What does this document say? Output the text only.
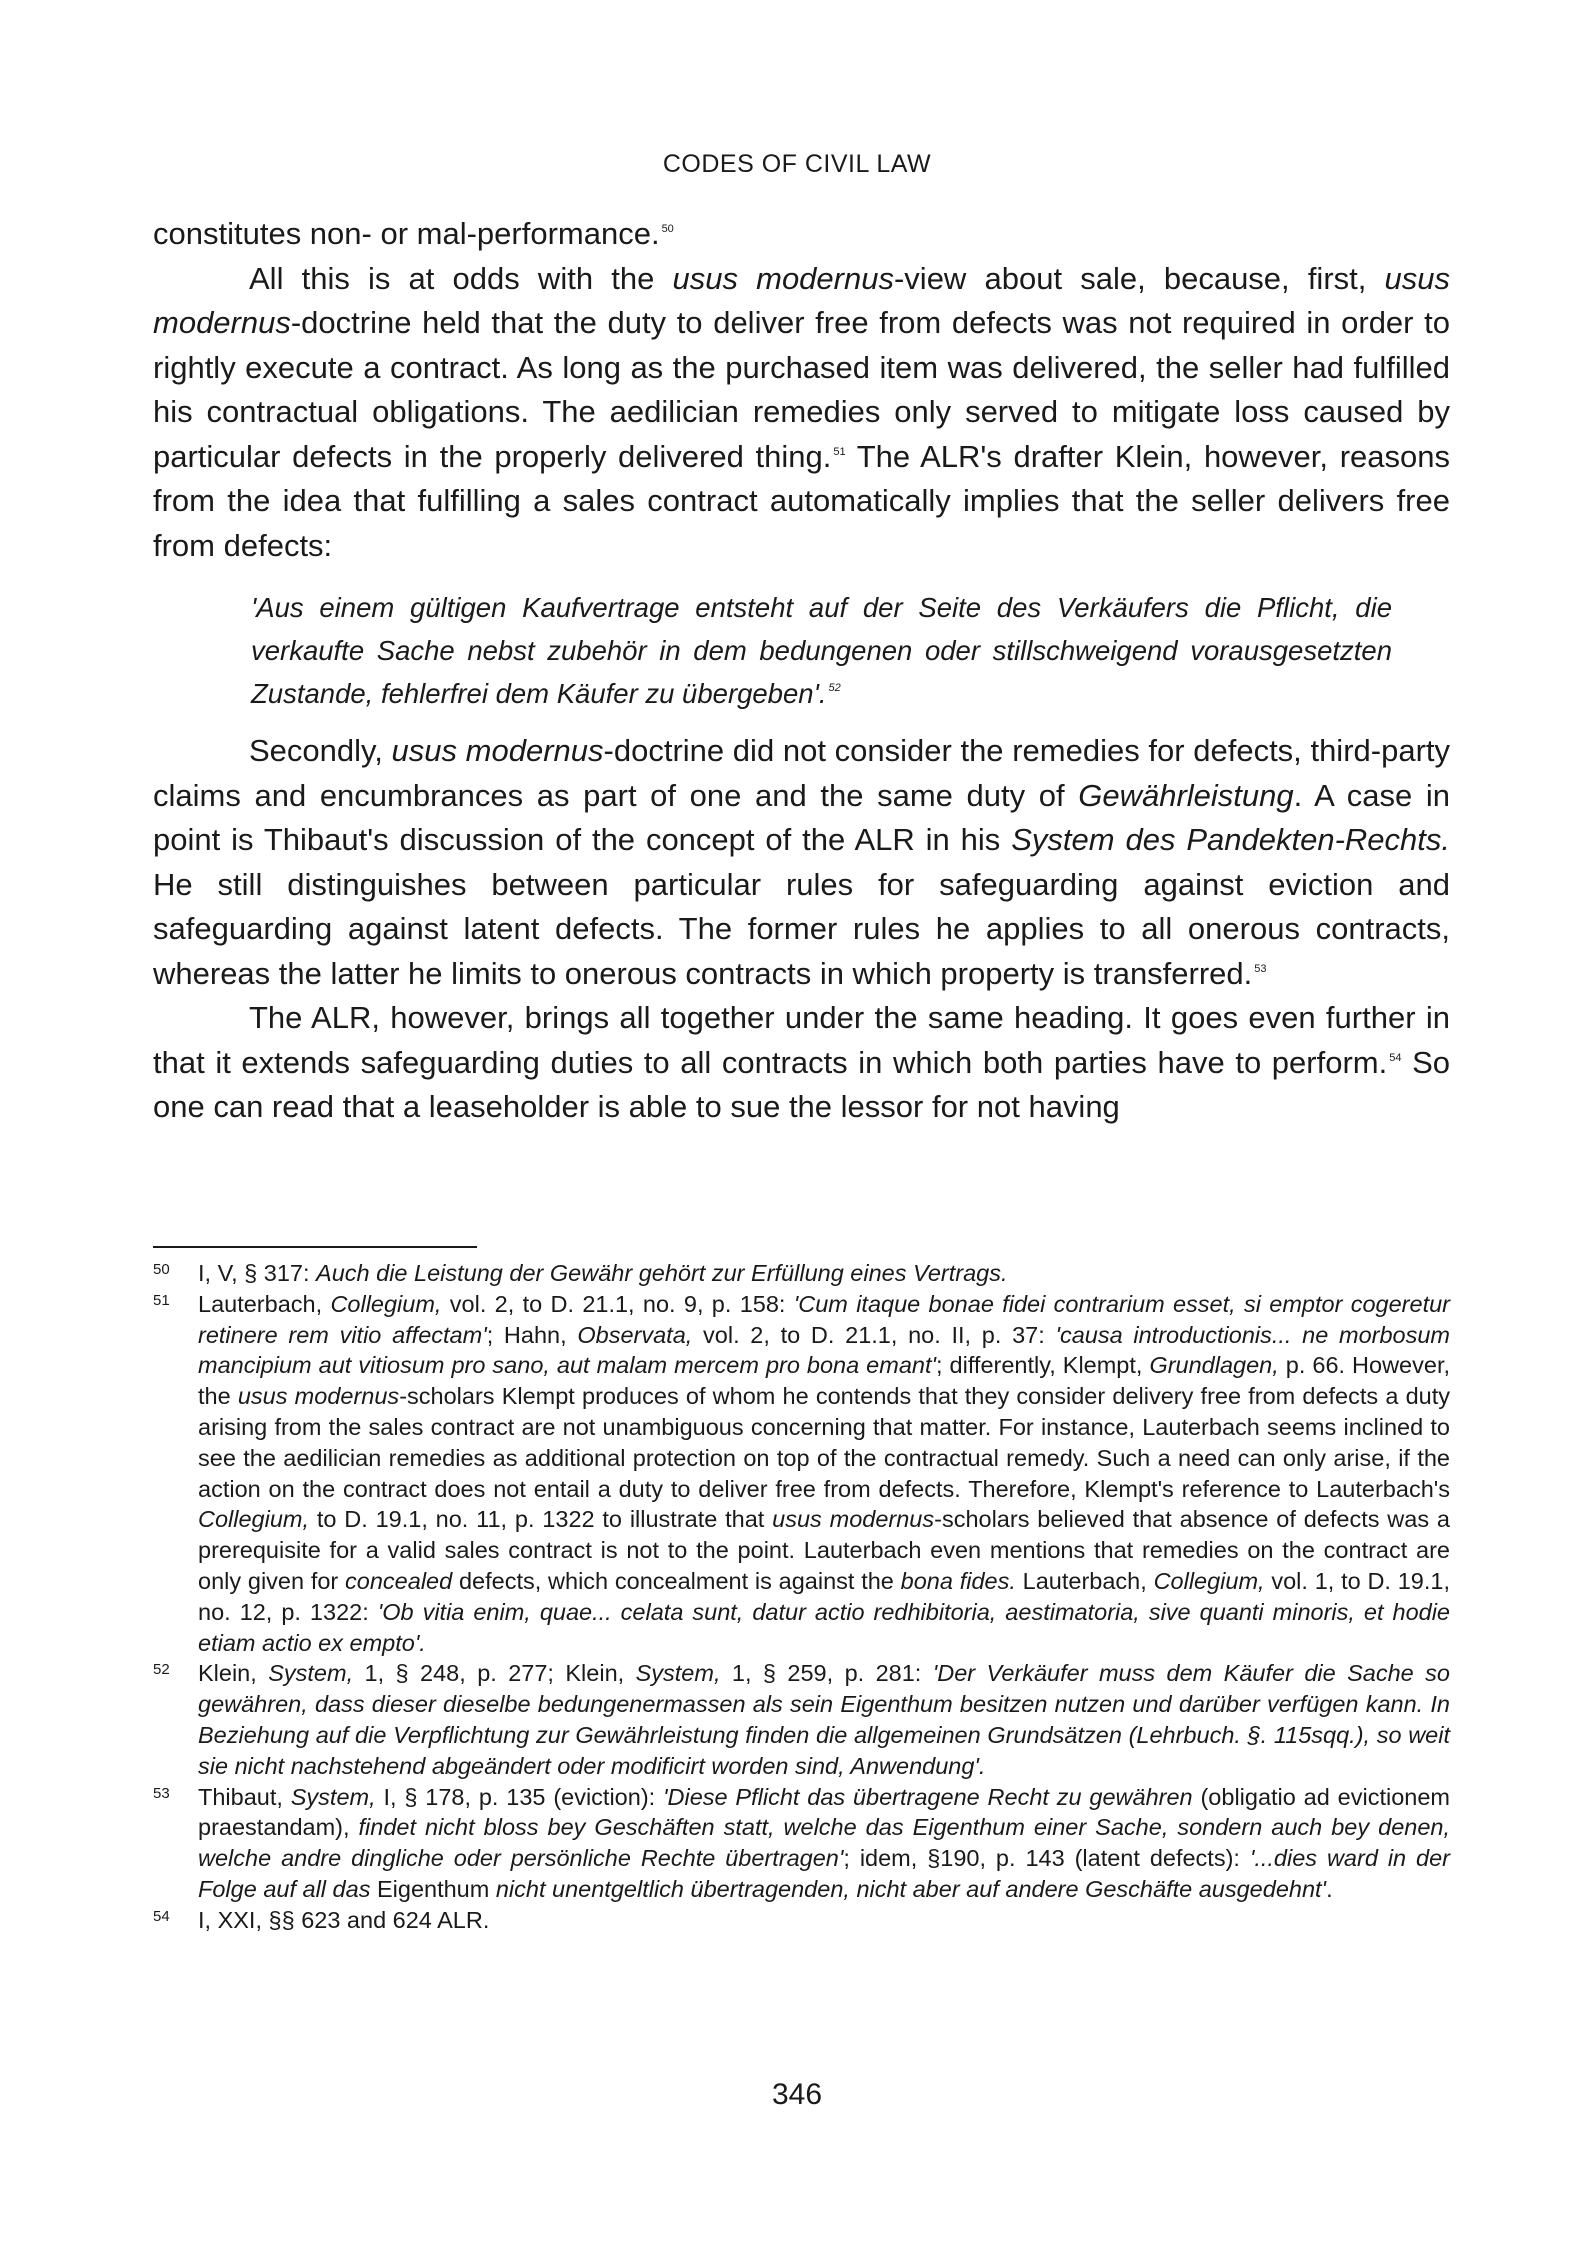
CODES OF CIVIL LAW

constitutes non- or mal-performance. $^{50}$

All this is at odds with the usus modernus-view about sale, because, first, usus modernus-doctrine held that the duty to deliver free from defects was not required in order to rightly execute a contract. As long as the purchased item was delivered, the seller had fulfilled his contractual obligations. The aedilician remedies only served to mitigate loss caused by particular defects in the properly delivered thing. $^{51}$ The ALR's drafter Klein, however, reasons from the idea that fulfilling a sales contract automatically implies that the seller delivers free from defects:

'Aus einem gültigen Kaufvertrage entsteht auf der Seite des Verkäufers die Pflicht, die verkaufte Sache nebst zubehör in dem bedungenen oder stillschweigend vorausgesetzten Zustande, fehlerfrei dem Käufer zu übergeben'. $^{52}$

Secondly, usus modernus-doctrine did not consider the remedies for defects, third-party claims and encumbrances as part of one and the same duty of Gewährleistung. A case in point is Thibaut's discussion of the concept of the ALR in his System des Pandekten-Rechts. He still distinguishes between particular rules for safeguarding against eviction and safeguarding against latent defects. The former rules he applies to all onerous contracts, whereas the latter he limits to onerous contracts in which property is transferred. $^{53}$

The ALR, however, brings all together under the same heading. It goes even further in that it extends safeguarding duties to all contracts in which both parties have to perform. $^{54}$ So one can read that a leaseholder is able to sue the lessor for not having

50 I, V, § 317: Auch die Leistung der Gewähr gehört zur Erfüllung eines Vertrags.
51 Lauterbach, Collegium, vol. 2, to D. 21.1, no. 9, p. 158: 'Cum itaque bonae fidei contrarium esset, si emptor cogeretur retinere rem vitio affectam'; Hahn, Observata, vol. 2, to D. 21.1, no. II, p. 37: 'causa introductionis... ne morbosum mancipium aut vitiosum pro sano, aut malam mercem pro bona emant'; differently, Klempt, Grundlagen, p. 66. However, the usus modernus-scholars Klempt produces of whom he contends that they consider delivery free from defects a duty arising from the sales contract are not unambiguous concerning that matter. For instance, Lauterbach seems inclined to see the aedilician remedies as additional protection on top of the contractual remedy. Such a need can only arise, if the action on the contract does not entail a duty to deliver free from defects. Therefore, Klempt's reference to Lauterbach's Collegium, to D. 19.1, no. 11, p. 1322 to illustrate that usus modernus-scholars believed that absence of defects was a prerequisite for a valid sales contract is not to the point. Lauterbach even mentions that remedies on the contract are only given for concealed defects, which concealment is against the bona fides. Lauterbach, Collegium, vol. 1, to D. 19.1, no. 12, p. 1322: 'Ob vitia enim, quae... celata sunt, datur actio redhibitoria, aestimatoria, sive quanti minoris, et hodie etiam actio ex empto'.
52 Klein, System, 1, § 248, p. 277; Klein, System, 1, § 259, p. 281: 'Der Verkäufer muss dem Käufer die Sache so gewähren, dass dieser dieselbe bedungenermassen als sein Eigenthum besitzen nutzen und darüber verfügen kann. In Beziehung auf die Verpflichtung zur Gewährleistung finden die allgemeinen Grundsätzen (Lehrbuch. §. 115sqq.), so weit sie nicht nachstehend abgeändert oder modificirt worden sind, Anwendung'.
53 Thibaut, System, I, § 178, p. 135 (eviction): 'Diese Pflicht das übertragene Recht zu gewähren (obligatio ad evictionem praestandam), findet nicht bloss bey Geschäften statt, welche das Eigenthum einer Sache, sondern auch bey denen, welche andre dingliche oder persönliche Rechte übertragen'; idem, §190, p. 143 (latent defects): '...dies ward in der Folge auf all das Eigenthum nicht unentgeltlich übertragenden, nicht aber auf andere Geschäfte ausgedehnt'.
54 I, XXI, §§ 623 and 624 ALR.
346
